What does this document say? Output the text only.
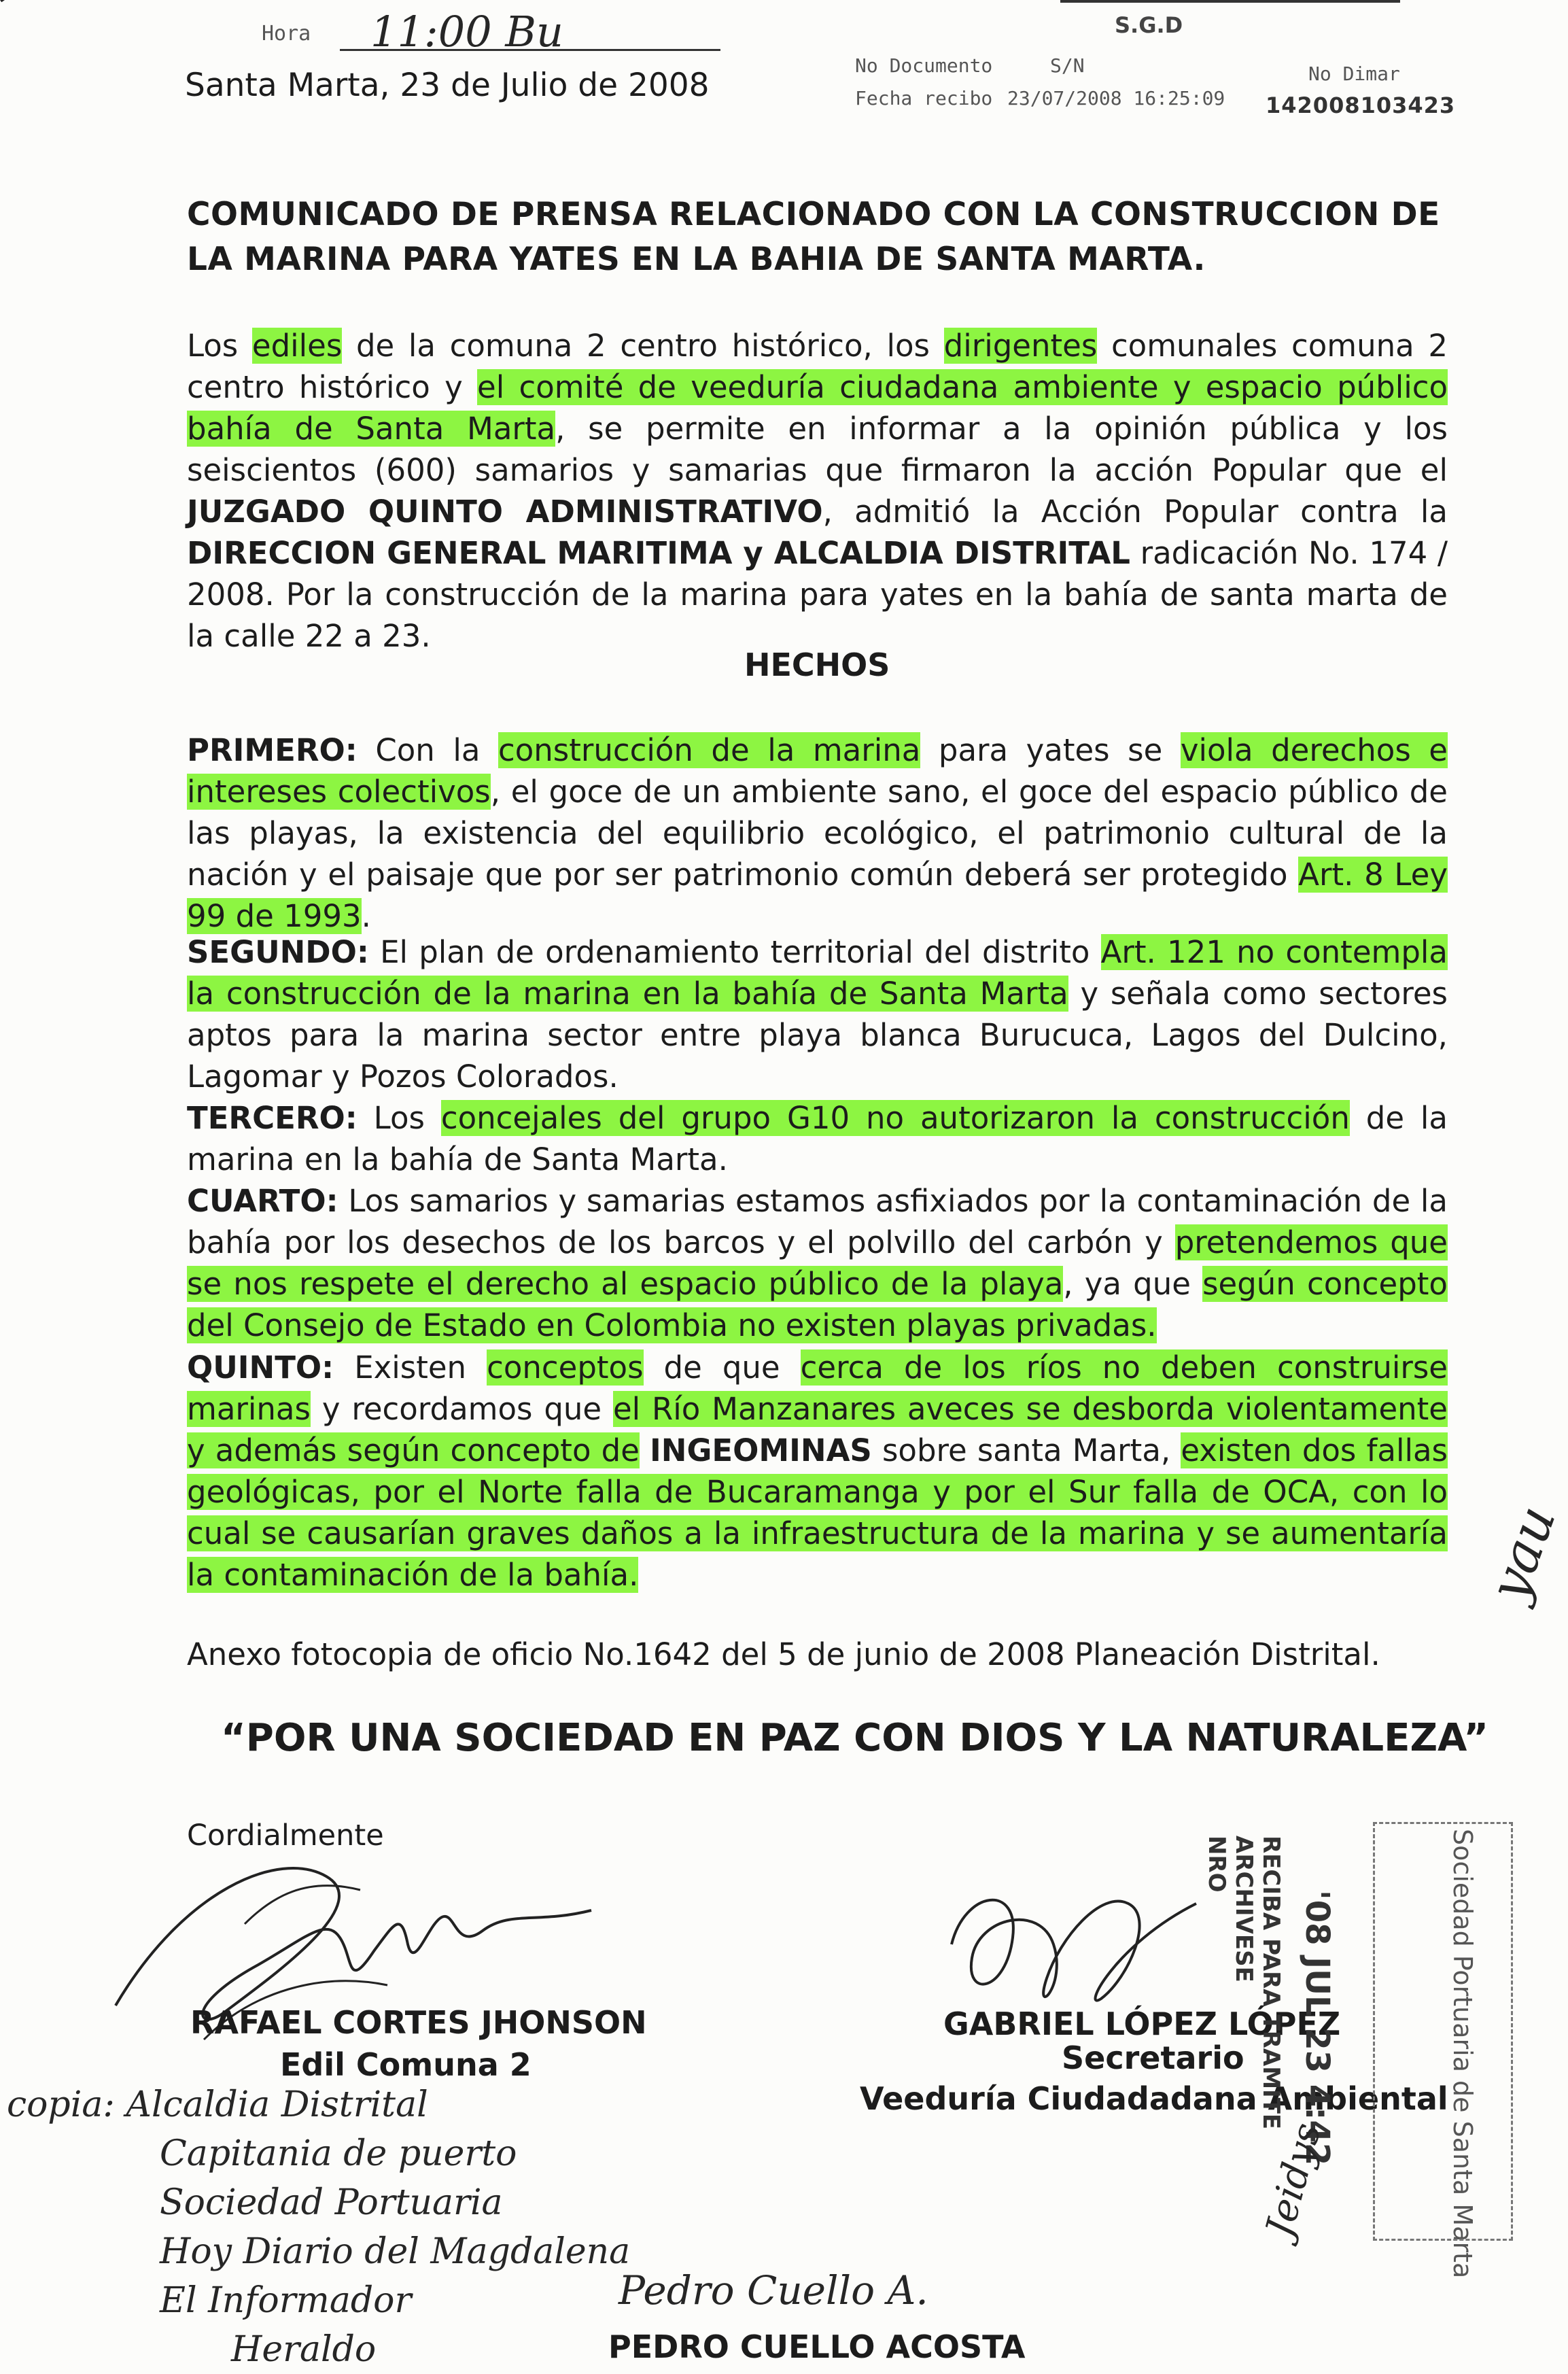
Hora 11:00 Bu
Santa Marta, 23 de Julio de 2008
S.G.D
No Documento	S/N
Fecha recibo 23/07/2008 16:25:09
No Dimar
142008103423
COMUNICADO DE PRENSA RELACIONADO CON LA CONSTRUCCION DE
LA MARINA PARA YATES EN LA BAHIA DE SANTA MARTA.
Los ediles de la comuna 2 centro histórico, los dirigentes comunales comuna 2 centro histórico y el comité de veeduría ciudadana ambiente y espacio público bahía de Santa Marta, se permite en informar a la opinión pública y los seiscientos (600) samarios y samarias que firmaron la acción Popular que el JUZGADO QUINTO ADMINISTRATIVO, admitió la Acción Popular contra la DIRECCION GENERAL MARITIMA y ALCALDIA DISTRITAL radicación No. 174 / 2008. Por la construcción de la marina para yates en la bahía de santa marta de la calle 22 a 23.
HECHOS
PRIMERO: Con la construcción de la marina para yates se viola derechos e intereses colectivos, el goce de un ambiente sano, el goce del espacio público de las playas, la existencia del equilibrio ecológico, el patrimonio cultural de la nación y el paisaje que por ser patrimonio común deberá ser protegido Art. 8 Ley 99 de 1993.
SEGUNDO: El plan de ordenamiento territorial del distrito Art. 121 no contempla la construcción de la marina en la bahía de Santa Marta y señala como sectores aptos para la marina sector entre playa blanca Burucuca, Lagos del Dulcino, Lagomar y Pozos Colorados.
TERCERO: Los concejales del grupo G10 no autorizaron la construcción de la marina en la bahía de Santa Marta.
CUARTO: Los samarios y samarias estamos asfixiados por la contaminación de la bahía por los desechos de los barcos y el polvillo del carbón y pretendemos que se nos respete el derecho al espacio público de la playa, ya que según concepto del Consejo de Estado en Colombia no existen playas privadas.
QUINTO: Existen conceptos de que cerca de los ríos no deben construirse marinas y recordamos que el Río Manzanares aveces se desborda violentamente y además según concepto de INGEOMINAS sobre santa Marta, existen dos fallas geológicas, por el Norte falla de Bucaramanga y por el Sur falla de OCA, con lo cual se causarían graves daños a la infraestructura de la marina y se aumentaría la contaminación de la bahía.
Anexo fotocopia de oficio No.1642 del 5 de junio de 2008 Planeación Distrital.
“POR UNA SOCIEDAD EN PAZ CON DIOS Y LA NATURALEZA”
Cordialmente
RAFAEL CORTES JHONSON
Edil Comuna 2
GABRIEL LÓPEZ LÓPEZ
Secretario
Veeduría Ciudadadana Ambiental
Pedro Cuello A.
PEDRO CUELLO ACOSTA
copia: Alcaldia Distrital
Capitania de puerto
Sociedad Portuaria
Hoy Diario del Magdalena
El Informador
Heraldo
NRO ARCHIVESE RECIBA PARA TRAMITE '08 JUL 23 4:42	Sociedad Portuaria de Santa Marta
yau
Jeidys
